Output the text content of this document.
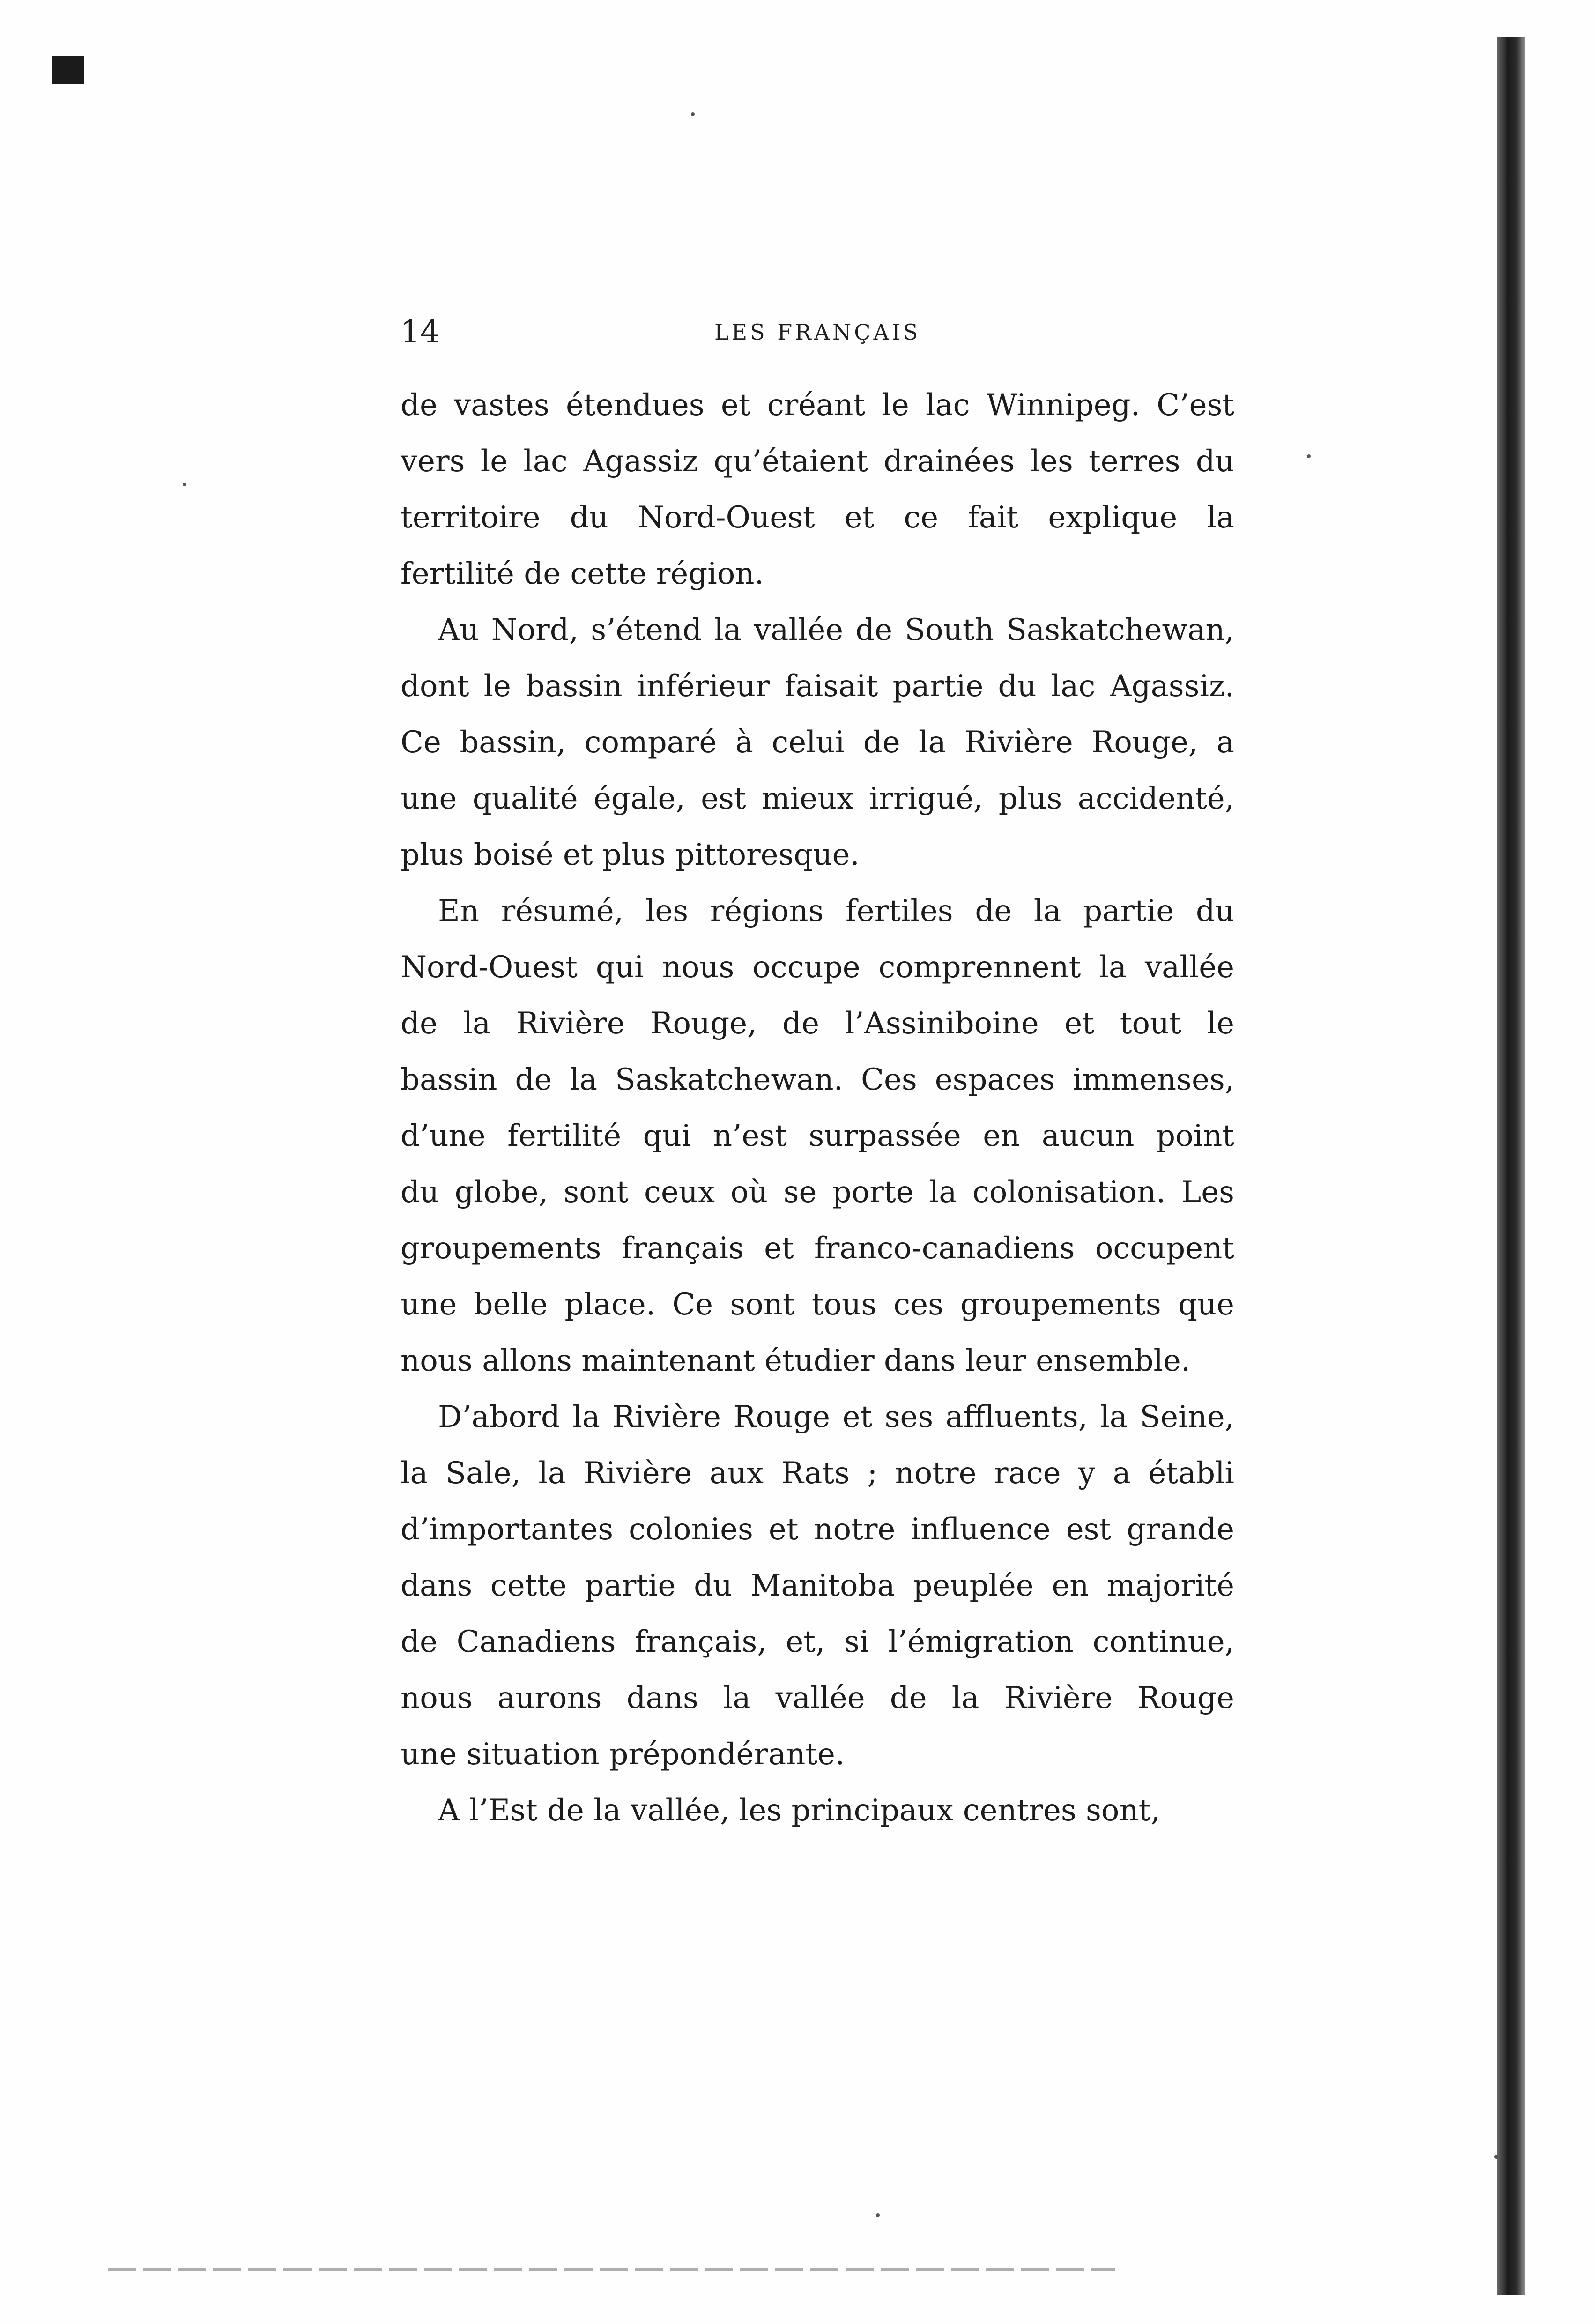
14	LES FRANÇAIS

de vastes étendues et créant le lac Winnipeg. C’est
vers le lac Agassiz qu’étaient drainées les terres du
territoire du Nord-Ouest et ce fait explique la
fertilité de cette région.

Au Nord, s’étend la vallée de South Saskatchewan,
dont le bassin inférieur faisait partie du lac Agassiz.
Ce bassin, comparé à celui de la Rivière Rouge, a
une qualité égale, est mieux irrigué, plus accidenté,
plus boisé et plus pittoresque.

En résumé, les régions fertiles de la partie du
Nord-Ouest qui nous occupe comprennent la vallée
de la Rivière Rouge, de l’Assiniboine et tout le
bassin de la Saskatchewan. Ces espaces immenses,
d’une fertilité qui n’est surpassée en aucun point
du globe, sont ceux où se porte la colonisation. Les
groupements français et franco-canadiens occupent
une belle place. Ce sont tous ces groupements que
nous allons maintenant étudier dans leur ensemble.

D’abord la Rivière Rouge et ses affluents, la Seine,
la Sale, la Rivière aux Rats ; notre race y a établi
d’importantes colonies et notre influence est grande
dans cette partie du Manitoba peuplée en majorité
de Canadiens français, et, si l’émigration continue,
nous aurons dans la vallée de la Rivière Rouge
une situation prépondérante.

A l’Est de la vallée, les principaux centres sont,
